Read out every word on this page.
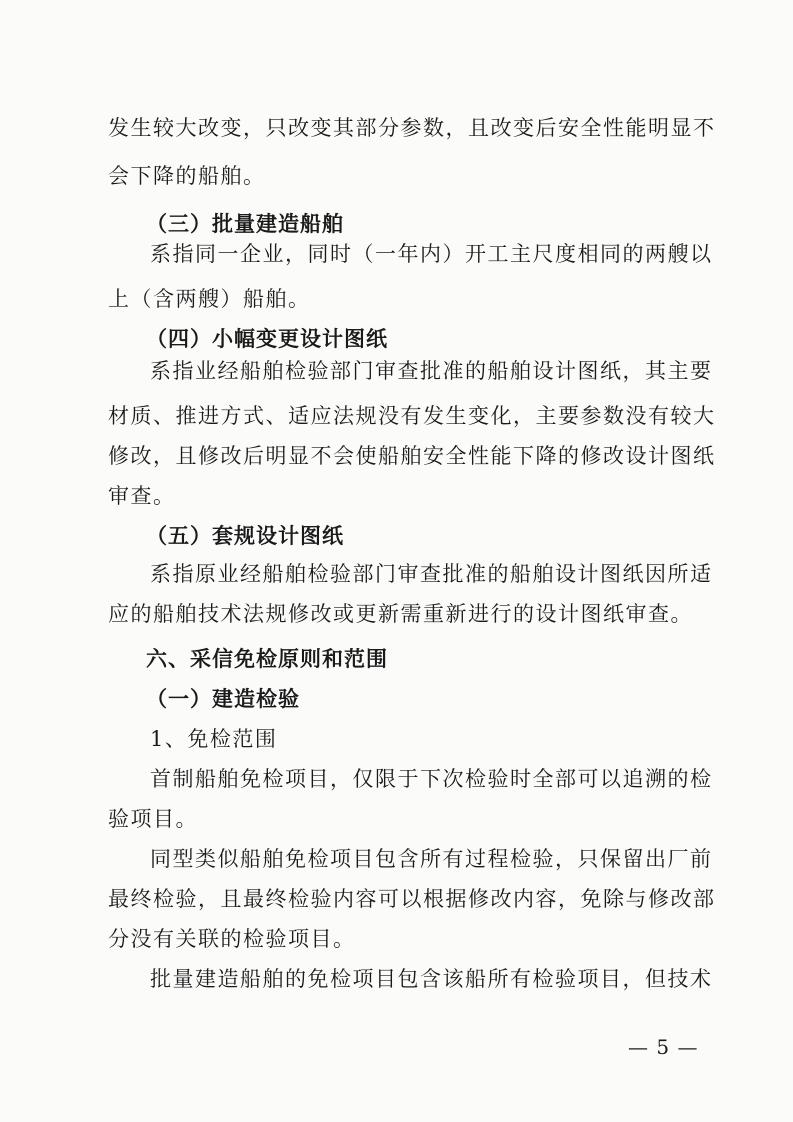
发生较大改变，只改变其部分参数，且改变后安全性能明显不
会下降的船舶。
（三）批量建造船舶
系指同一企业，同时（一年内）开工主尺度相同的两艘以
上（含两艘）船舶。
（四）小幅变更设计图纸
系指业经船舶检验部门审查批准的船舶设计图纸，其主要
材质、推进方式、适应法规没有发生变化，主要参数没有较大
修改，且修改后明显不会使船舶安全性能下降的修改设计图纸
审查。
（五）套规设计图纸
系指原业经船舶检验部门审查批准的船舶设计图纸因所适
应的船舶技术法规修改或更新需重新进行的设计图纸审查。
六、采信免检原则和范围
（一）建造检验
1、免检范围
首制船舶免检项目，仅限于下次检验时全部可以追溯的检
验项目。
同型类似船舶免检项目包含所有过程检验，只保留出厂前
最终检验，且最终检验内容可以根据修改内容，免除与修改部
分没有关联的检验项目。
批量建造船舶的免检项目包含该船所有检验项目，但技术
— 5 —
